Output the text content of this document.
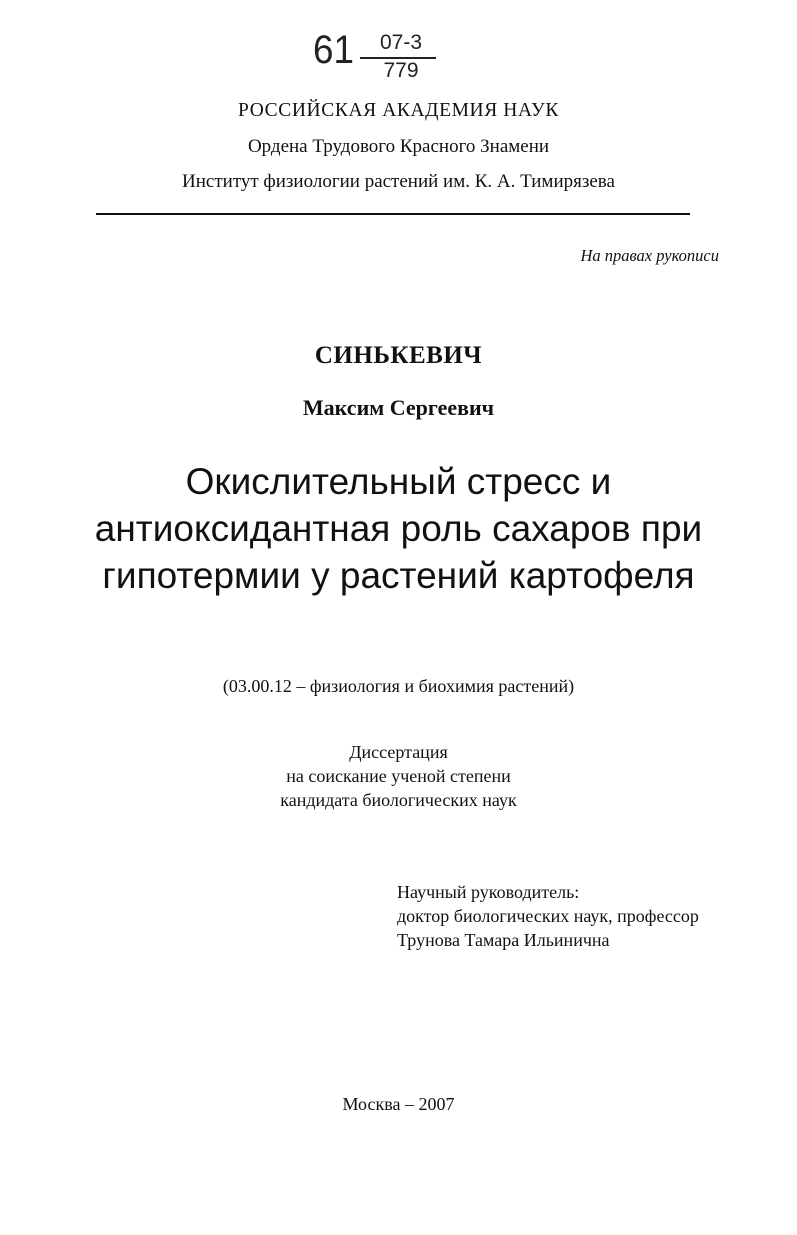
61 07-3
779
РОССИЙСКАЯ АКАДЕМИЯ НАУК
Ордена Трудового Красного Знамени
Институт физиологии растений им. К. А. Тимирязева
На правах рукописи
СИНЬКЕВИЧ
Максим Сергеевич
Окислительный стресс и
антиоксидантная роль сахаров при
гипотермии у растений картофеля
(03.00.12 – физиология и биохимия растений)
Диссертация
на соискание ученой степени
кандидата биологических наук
Научный руководитель:
доктор биологических наук, профессор
Трунова Тамара Ильинична
Москва – 2007
